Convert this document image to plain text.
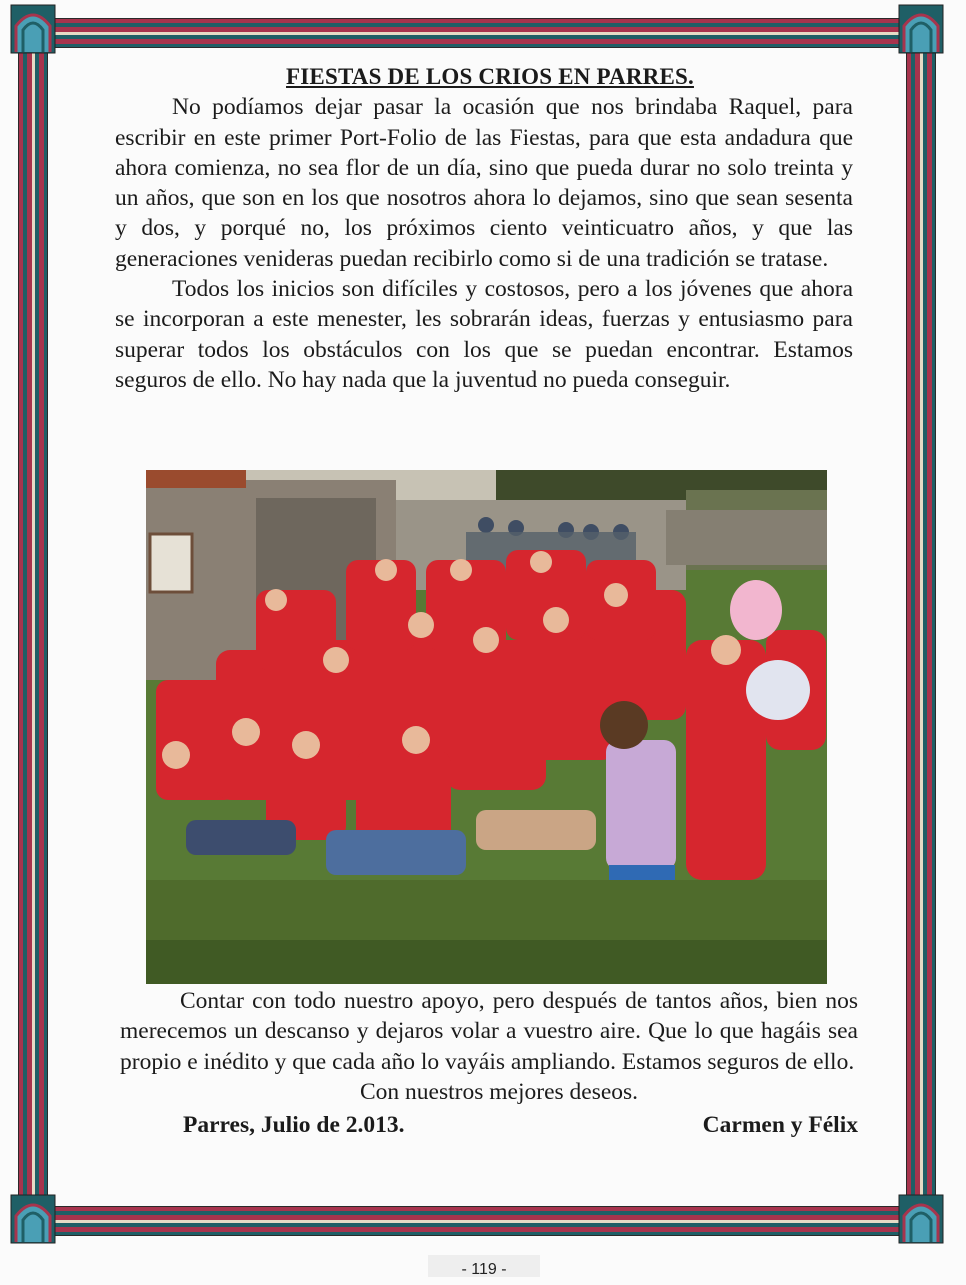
FIESTAS DE LOS CRIOS EN PARRES.

No podíamos dejar pasar la ocasión que nos brindaba Raquel, para escribir en este primer Port-Folio de las Fiestas, para que esta andadura que ahora comienza, no sea flor de un día, sino que pueda durar no solo treinta y un años, que son en los que nosotros ahora lo dejamos, sino que sean sesenta y dos, y porqué no, los próximos ciento veinticuatro años, y que las generaciones venideras puedan recibirlo como si de una tradición se tratase.

Todos los inicios son difíciles y costosos, pero a los jóvenes que ahora se incorporan a este menester, les sobrarán ideas, fuerzas y entusiasmo para superar todos los obstáculos con los que se puedan encontrar. Estamos seguros de ello. No hay nada que la juventud no pueda conseguir.

Contar con todo nuestro apoyo, pero después de tantos años, bien nos merecemos un descanso y dejaros volar a vuestro aire. Que lo que hagáis sea propio e inédito y que cada año lo vayáis ampliando. Estamos seguros de ello.

Con nuestros mejores deseos.

Parres, Julio de 2.013.	Carmen y Félix
- 119 -
